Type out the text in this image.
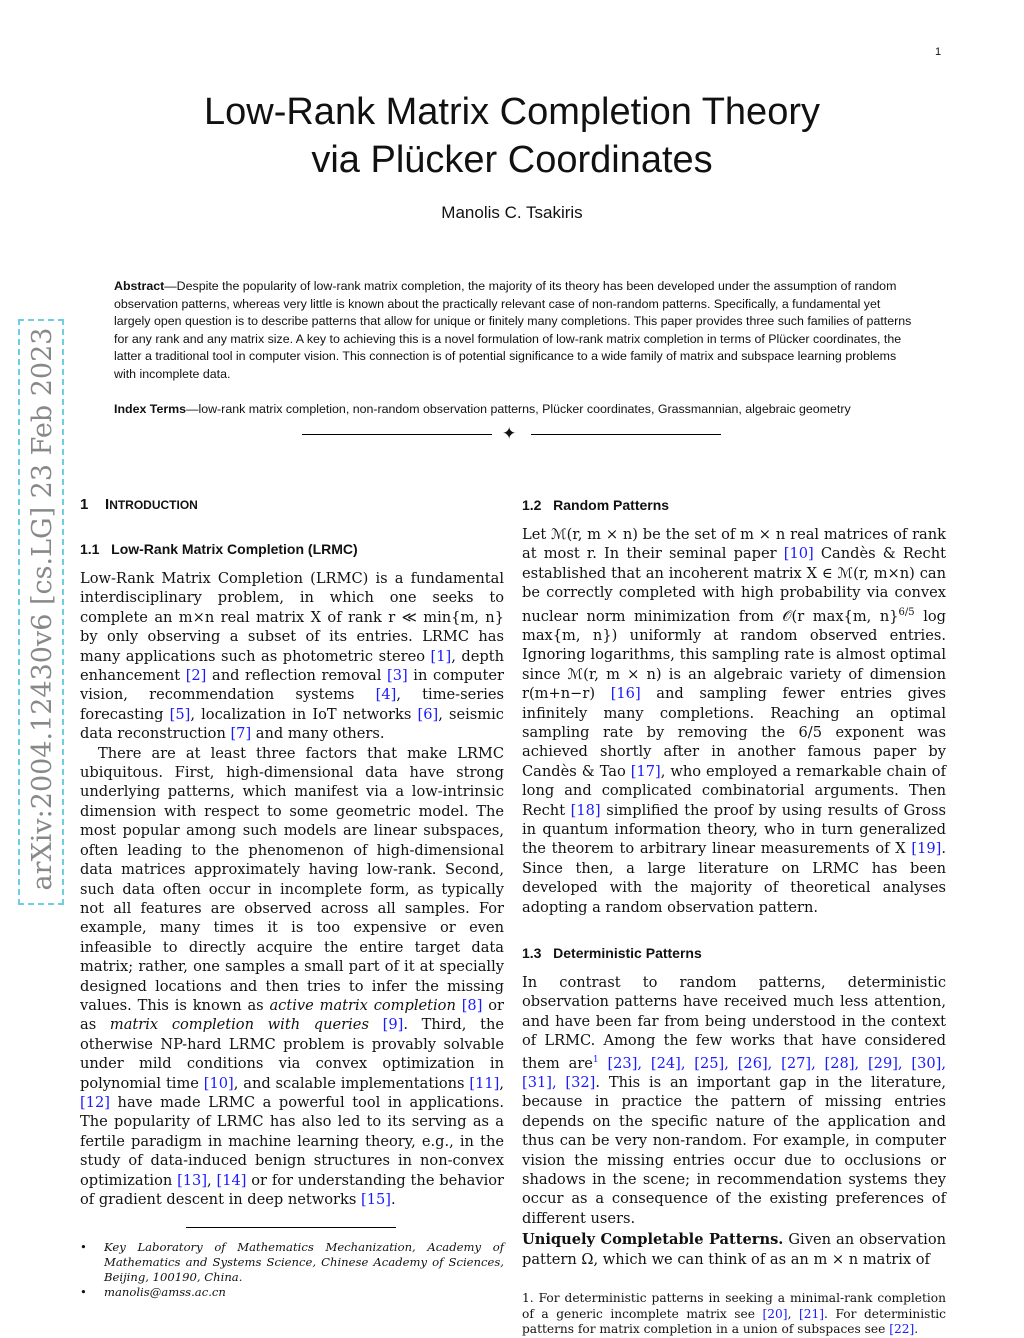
1
Low-Rank Matrix Completion Theory
via Plücker Coordinates
Manolis C. Tsakiris
Abstract—Despite the popularity of low-rank matrix completion, the majority of its theory has been developed under the assumption of random observation patterns, whereas very little is known about the practically relevant case of non-random patterns. Specifically, a fundamental yet largely open question is to describe patterns that allow for unique or finitely many completions. This paper provides three such families of patterns for any rank and any matrix size. A key to achieving this is a novel formulation of low-rank matrix completion in terms of Plücker coordinates, the latter a traditional tool in computer vision. This connection is of potential significance to a wide family of matrix and subspace learning problems with incomplete data.
Index Terms—low-rank matrix completion, non-random observation patterns, Plücker coordinates, Grassmannian, algebraic geometry
✦
arXiv:2004.12430v6 [cs.LG] 23 Feb 2023	1 INTRODUCTION
1.1 Low-Rank Matrix Completion (LRMC)

Low-Rank Matrix Completion (LRMC) is a fundamental interdisciplinary problem, in which one seeks to complete an m×n real matrix X of rank r ≪ min{m, n} by only observing a subset of its entries. LRMC has many applications such as photometric stereo [1], depth enhancement [2] and reflection removal [3] in computer vision, recommendation systems [4], time-series forecasting [5], localization in IoT networks [6], seismic data reconstruction [7] and many others.

There are at least three factors that make LRMC ubiquitous. First, high-dimensional data have strong underlying patterns, which manifest via a low-intrinsic dimension with respect to some geometric model. The most popular among such models are linear subspaces, often leading to the phenomenon of high-dimensional data matrices approximately having low-rank. Second, such data often occur in incomplete form, as typically not all features are observed across all samples. For example, many times it is too expensive or even infeasible to directly acquire the entire target data matrix; rather, one samples a small part of it at specially designed locations and then tries to infer the missing values. This is known as active matrix completion [8] or as matrix completion with queries [9]. Third, the otherwise NP-hard LRMC problem is provably solvable under mild conditions via convex optimization in polynomial time [10], and scalable implementations [11], [12] have made LRMC a powerful tool in applications. The popularity of LRMC has also led to its serving as a fertile paradigm in machine learning theory, e.g., in the study of data-induced benign structures in non-convex optimization [13], [14] or for understanding the behavior of gradient descent in deep networks [15].

• Key Laboratory of Mathematics Mechanization, Academy of Mathematics and Systems Science, Chinese Academy of Sciences, Beijing, 100190, China.

• manolis@amss.ac.cn

1.2 Random Patterns

Let ℳ(r, m × n) be the set of m × n real matrices of rank at most r. In their seminal paper [10] Candès & Recht established that an incoherent matrix X ∈ ℳ(r, m×n) can be correctly completed with high probability via convex nuclear norm minimization from 𝒪(r max{m, n}$^{6/5}$ log max{m, n}) uniformly at random observed entries. Ignoring logarithms, this sampling rate is almost optimal since ℳ(r, m × n) is an algebraic variety of dimension r(m+n−r) [16] and sampling fewer entries gives infinitely many completions. Reaching an optimal sampling rate by removing the 6/5 exponent was achieved shortly after in another famous paper by Candès & Tao [17], who employed a remarkable chain of long and complicated combinatorial arguments. Then Recht [18] simplified the proof by using results of Gross in quantum information theory, who in turn generalized the theorem to arbitrary linear measurements of X [19]. Since then, a large literature on LRMC has been developed with the majority of theoretical analyses adopting a random observation pattern.

1.3 Deterministic Patterns

In contrast to random patterns, deterministic observation patterns have received much less attention, and have been far from being understood in the context of LRMC. Among the few works that have considered them are$^1$ [23], [24], [25], [26], [27], [28], [29], [30], [31], [32]. This is an important gap in the literature, because in practice the pattern of missing entries depends on the specific nature of the application and thus can be very non-random. For example, in computer vision the missing entries occur due to occlusions or shadows in the scene; in recommendation systems they occur as a consequence of the existing preferences of different users.

Uniquely Completable Patterns. Given an observation pattern Ω, which we can think of as an m × n matrix of

1. For deterministic patterns in seeking a minimal-rank completion of a generic incomplete matrix see [20], [21]. For deterministic patterns for matrix completion in a union of subspaces see [22].
